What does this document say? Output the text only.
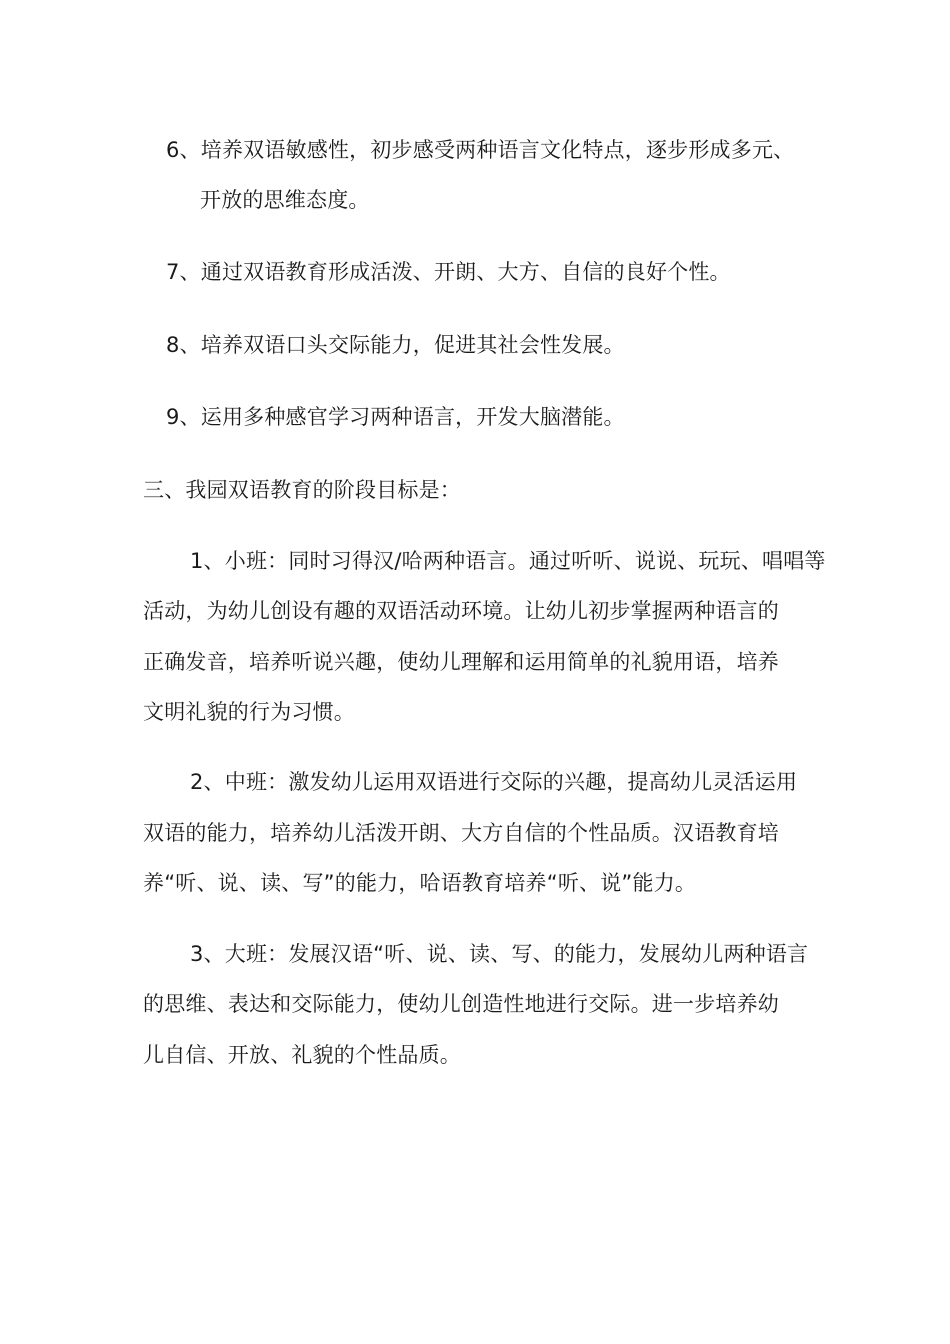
6、培养双语敏感性，初步感受两种语言文化特点，逐步形成多元、
开放的思维态度。
7、通过双语教育形成活泼、开朗、大方、自信的良好个性。
8、培养双语口头交际能力，促进其社会性发展。
9、运用多种感官学习两种语言，开发大脑潜能。
三、我园双语教育的阶段目标是：
1、小班：同时习得汉/哈两种语言。通过听听、说说、玩玩、唱唱等
活动，为幼儿创设有趣的双语活动环境。让幼儿初步掌握两种语言的
正确发音，培养听说兴趣，使幼儿理解和运用简单的礼貌用语，培养
文明礼貌的行为习惯。
2、中班：激发幼儿运用双语进行交际的兴趣，提高幼儿灵活运用
双语的能力，培养幼儿活泼开朗、大方自信的个性品质。汉语教育培
养“听、说、读、写”的能力，哈语教育培养“听、说”能力。
3、大班：发展汉语“听、说、读、写、的能力，发展幼儿两种语言
的思维、表达和交际能力，使幼儿创造性地进行交际。进一步培养幼
儿自信、开放、礼貌的个性品质。
